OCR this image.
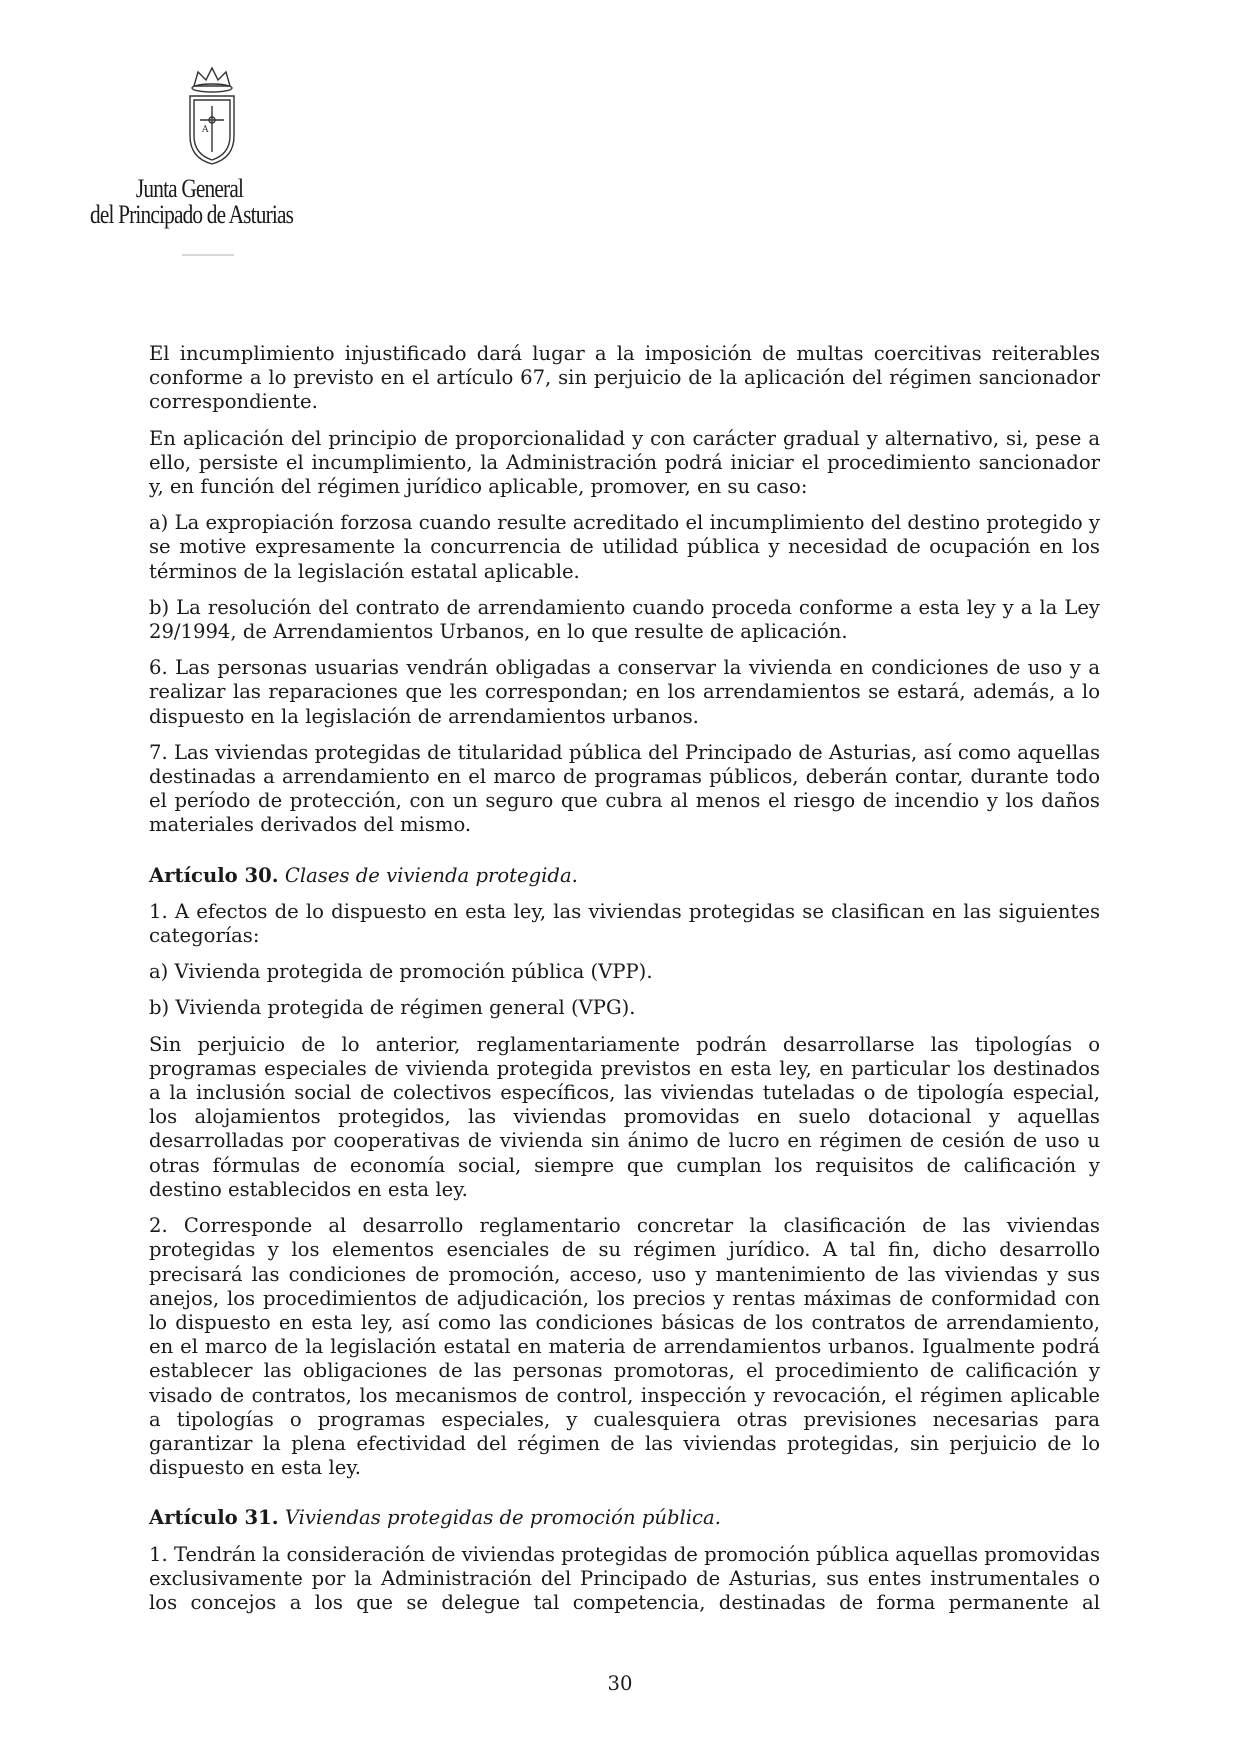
A
Junta General
del Principado de Asturias

El incumplimiento injustificado dará lugar a la imposición de multas coercitivas reiterables conforme a lo previsto en el artículo 67, sin perjuicio de la aplicación del régimen sancionador correspondiente.

En aplicación del principio de proporcionalidad y con carácter gradual y alternativo, si, pese a ello, persiste el incumplimiento, la Administración podrá iniciar el procedimiento sancionador y, en función del régimen jurídico aplicable, promover, en su caso:

a) La expropiación forzosa cuando resulte acreditado el incumplimiento del destino protegido y se motive expresamente la concurrencia de utilidad pública y necesidad de ocupación en los términos de la legislación estatal aplicable.

b) La resolución del contrato de arrendamiento cuando proceda conforme a esta ley y a la Ley 29/1994, de Arrendamientos Urbanos, en lo que resulte de aplicación.

6. Las personas usuarias vendrán obligadas a conservar la vivienda en condiciones de uso y a realizar las reparaciones que les correspondan; en los arrendamientos se estará, además, a lo dispuesto en la legislación de arrendamientos urbanos.

7. Las viviendas protegidas de titularidad pública del Principado de Asturias, así como aquellas destinadas a arrendamiento en el marco de programas públicos, deberán contar, durante todo el período de protección, con un seguro que cubra al menos el riesgo de incendio y los daños materiales derivados del mismo.

Artículo 30. Clases de vivienda protegida.

1. A efectos de lo dispuesto en esta ley, las viviendas protegidas se clasifican en las siguientes categorías:

a) Vivienda protegida de promoción pública (VPP).

b) Vivienda protegida de régimen general (VPG).

Sin perjuicio de lo anterior, reglamentariamente podrán desarrollarse las tipologías o programas especiales de vivienda protegida previstos en esta ley, en particular los destinados a la inclusión social de colectivos específicos, las viviendas tuteladas o de tipología especial, los alojamientos protegidos, las viviendas promovidas en suelo dotacional y aquellas desarrolladas por cooperativas de vivienda sin ánimo de lucro en régimen de cesión de uso u otras fórmulas de economía social, siempre que cumplan los requisitos de calificación y destino establecidos en esta ley.

2. Corresponde al desarrollo reglamentario concretar la clasificación de las viviendas protegidas y los elementos esenciales de su régimen jurídico. A tal fin, dicho desarrollo precisará las condiciones de promoción, acceso, uso y mantenimiento de las viviendas y sus anejos, los procedimientos de adjudicación, los precios y rentas máximas de conformidad con lo dispuesto en esta ley, así como las condiciones básicas de los contratos de arrendamiento, en el marco de la legislación estatal en materia de arrendamientos urbanos. Igualmente podrá establecer las obligaciones de las personas promotoras, el procedimiento de calificación y visado de contratos, los mecanismos de control, inspección y revocación, el régimen aplicable a tipologías o programas especiales, y cualesquiera otras previsiones necesarias para garantizar la plena efectividad del régimen de las viviendas protegidas, sin perjuicio de lo dispuesto en esta ley.

Artículo 31. Viviendas protegidas de promoción pública.

1. Tendrán la consideración de viviendas protegidas de promoción pública aquellas promovidas exclusivamente por la Administración del Principado de Asturias, sus entes instrumentales o los concejos a los que se delegue tal competencia, destinadas de forma permanente al

30
